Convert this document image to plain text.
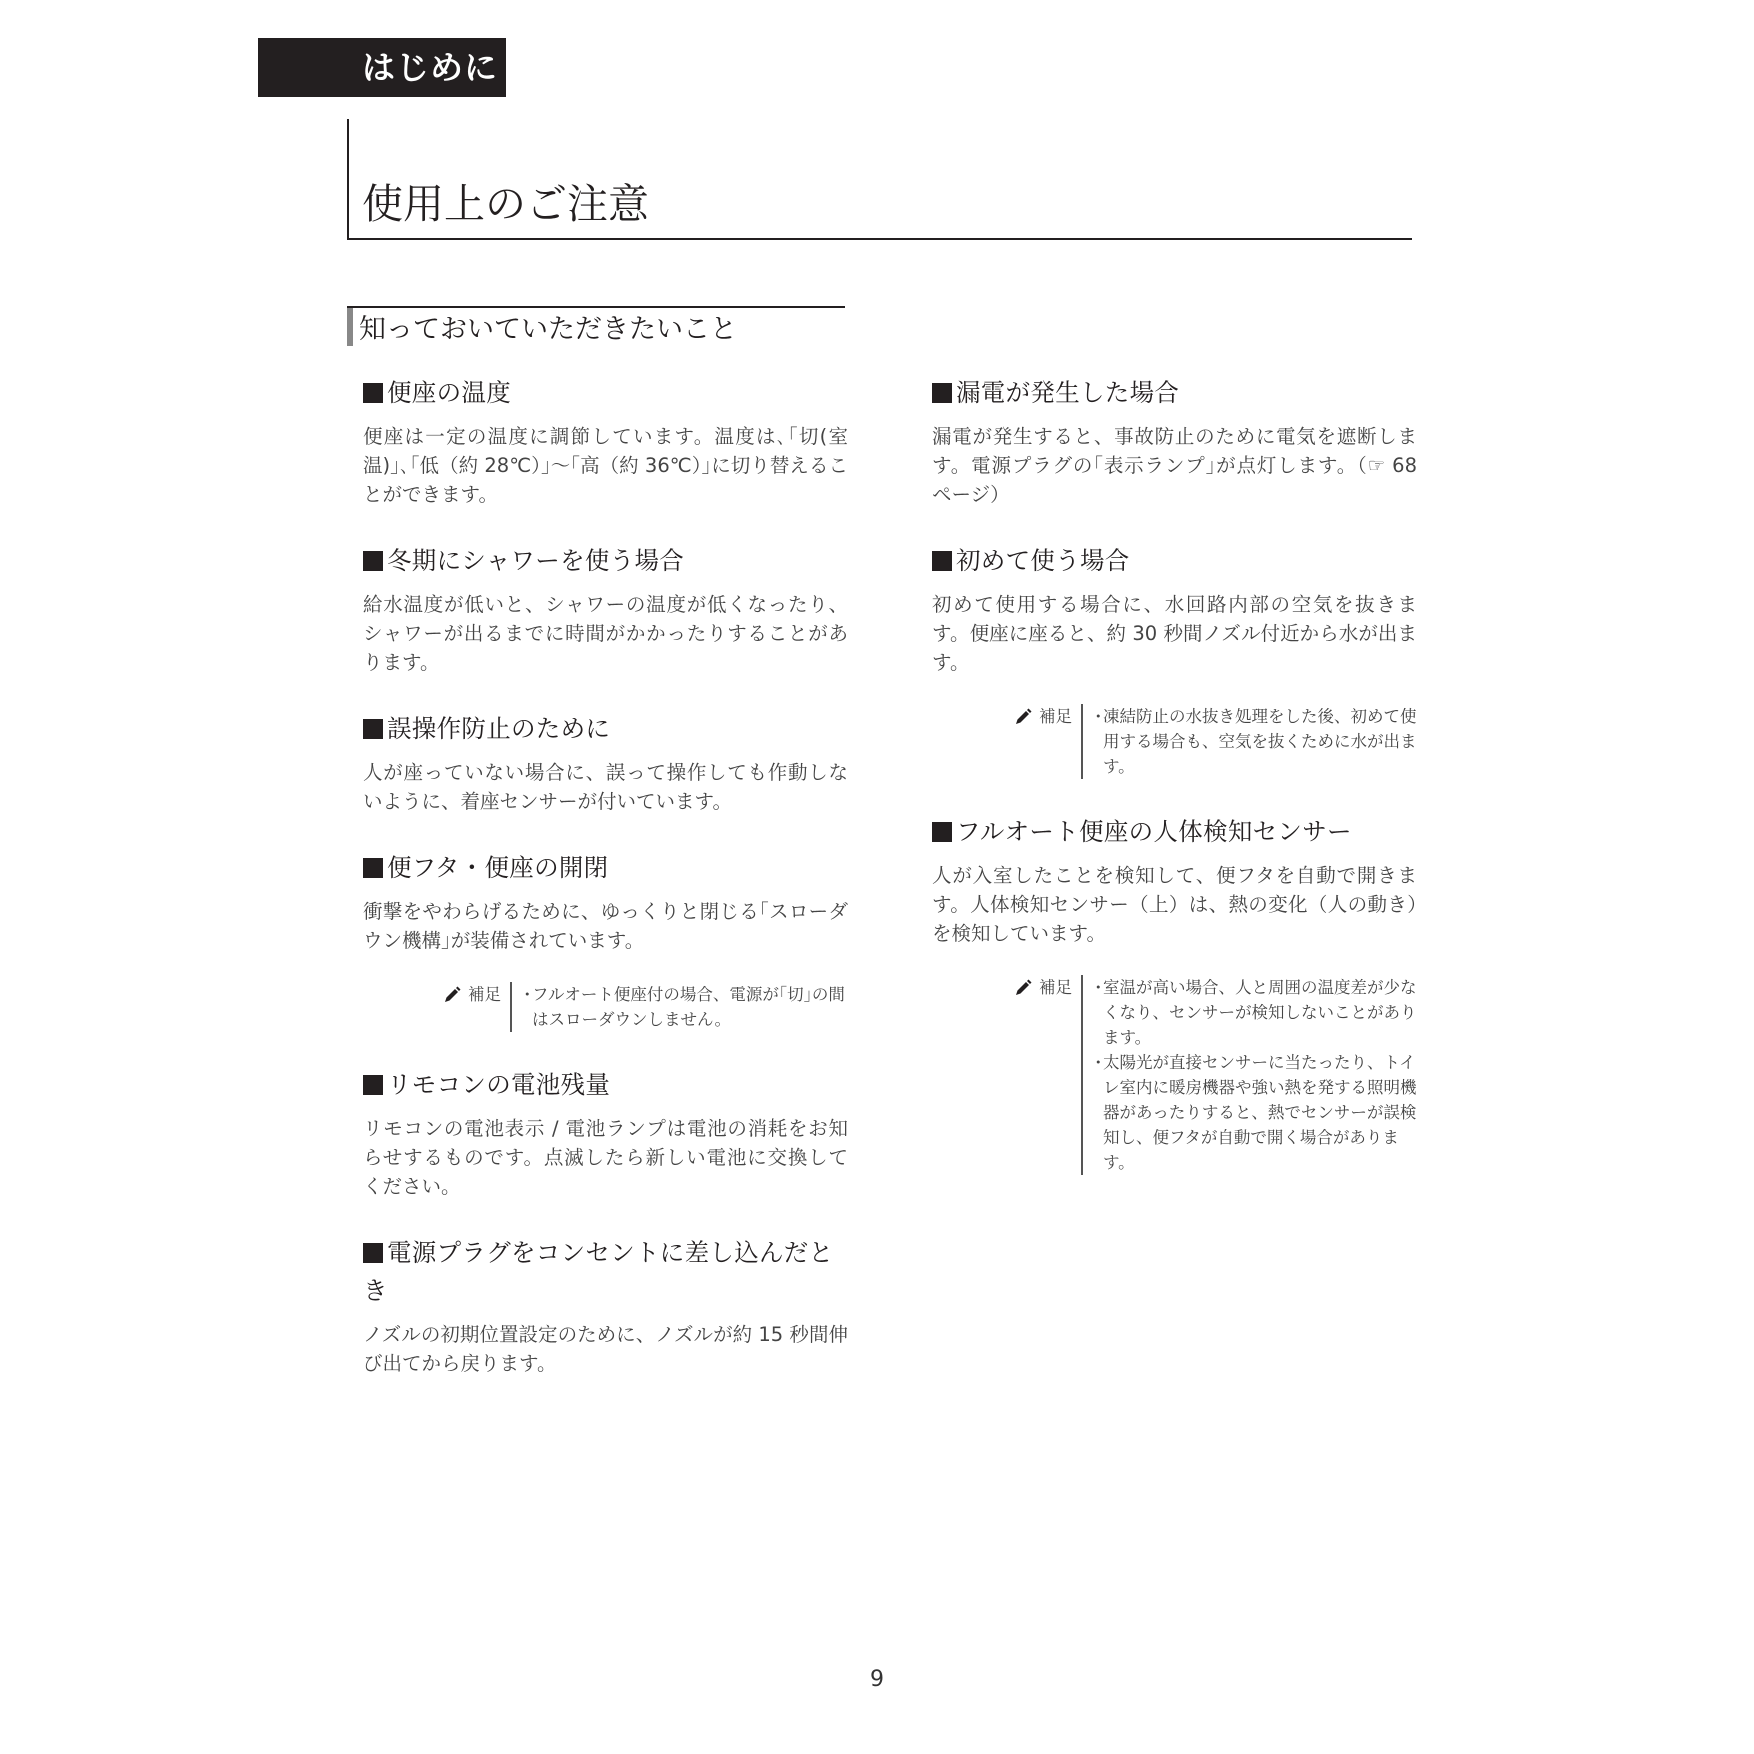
はじめに
使用上のご注意
知っておいていただきたいこと
便座の温度

便座は一定の温度に調節しています。温度は､｢切(室温)｣､｢低（約 28℃）｣〜｢高（約 36℃）｣に切り替えることができます。

冬期にシャワーを使う場合

給水温度が低いと、シャワーの温度が低くなったり、シャワーが出るまでに時間がかかったりすることがあります。

誤操作防止のために

人が座っていない場合に、誤って操作しても作動しないように、着座センサーが付いています。

便フタ・便座の開閉

衝撃をやわらげるために、ゆっくりと閉じる｢スローダウン機構｣が装備されています。

補足 ・
フルオート便座付の場合、電源が｢切｣の間はスローダウンしません。
リモコンの電池残量

リモコンの電池表示 / 電池ランプは電池の消耗をお知らせするものです。点滅したら新しい電池に交換してください。

電源プラグをコンセントに差し込んだとき

ノズルの初期位置設定のために、ノズルが約 15 秒間伸び出てから戻ります。

漏電が発生した場合

漏電が発生すると、事故防止のために電気を遮断します。電源プラグの｢表示ランプ｣が点灯します。（☞ 68 ページ）

初めて使う場合

初めて使用する場合に、水回路内部の空気を抜きます。便座に座ると、約 30 秒間ノズル付近から水が出ます。

補足 ・
凍結防止の水抜き処理をした後、初めて使用する場合も、空気を抜くために水が出ます。
フルオート便座の人体検知センサー

人が入室したことを検知して、便フタを自動で開きます。人体検知センサー（上）は、熱の変化（人の動き）を検知しています。

補足 ・
室温が高い場合、人と周囲の温度差が少なくなり、センサーが検知しないことがあります。
・
太陽光が直接センサーに当たったり、トイレ室内に暖房機器や強い熱を発する照明機器があったりすると、熱でセンサーが誤検知し、便フタが自動で開く場合があります。
9
